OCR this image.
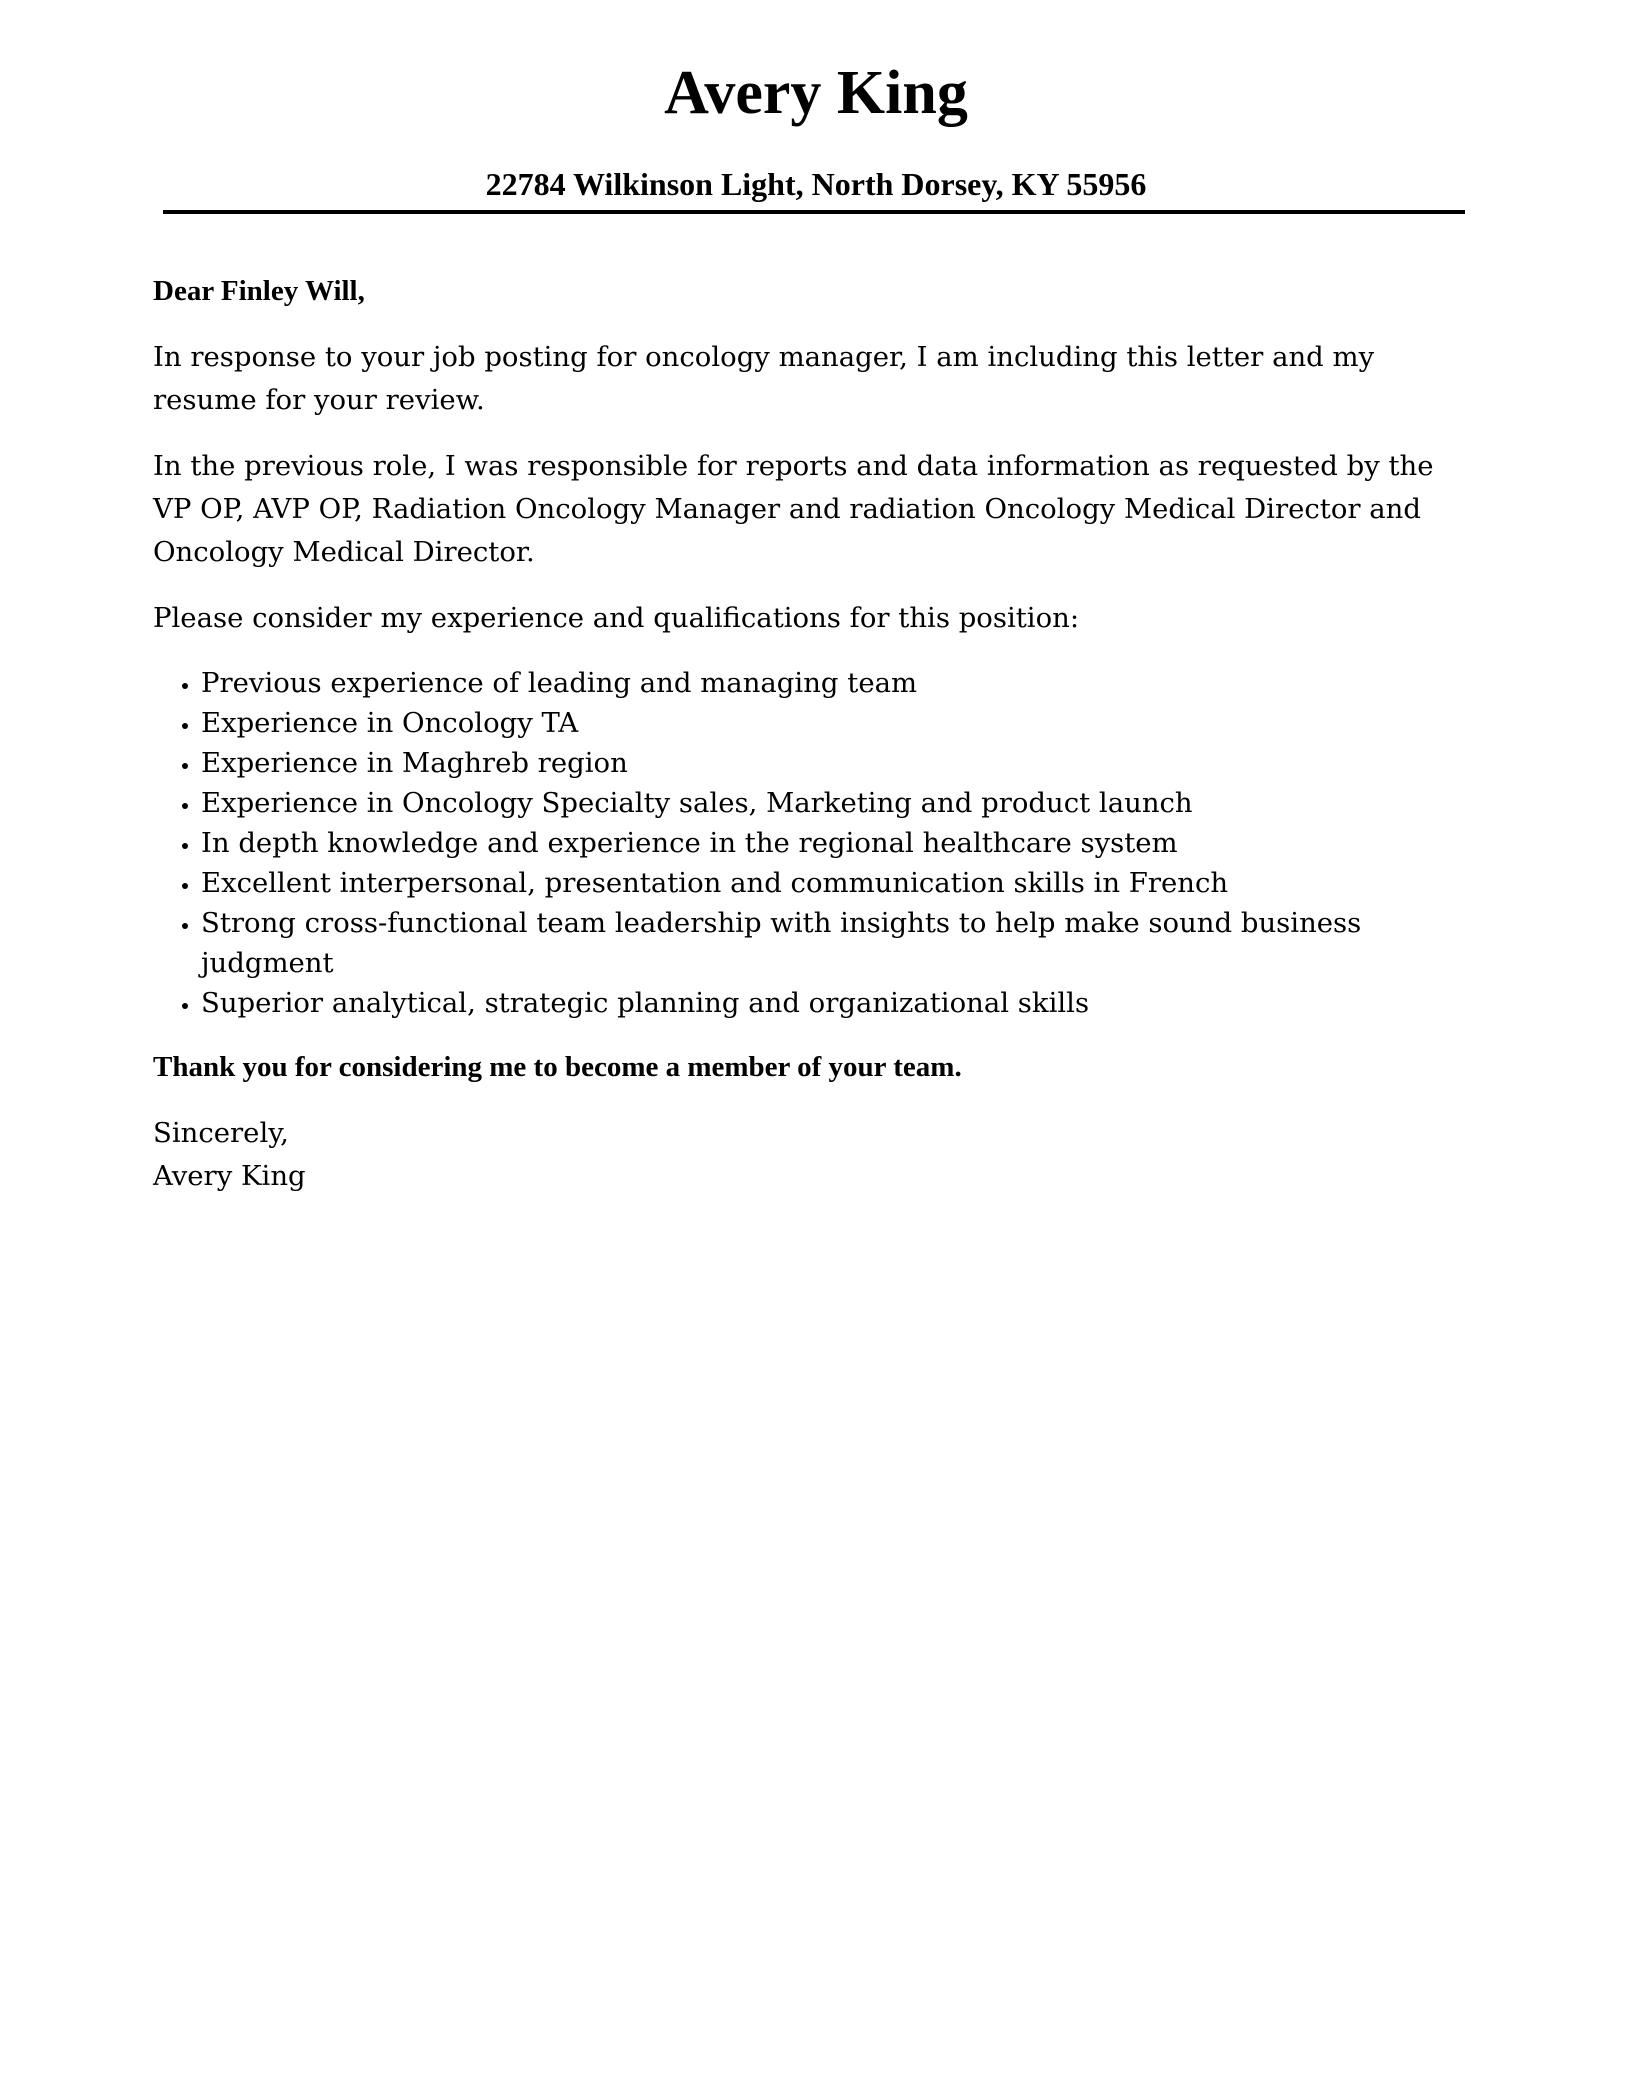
Avery King
22784 Wilkinson Light, North Dorsey, KY 55956

Dear Finley Will,

In response to your job posting for oncology manager, I am including this letter and my resume for your review.

In the previous role, I was responsible for reports and data information as requested by the VP OP, AVP OP, Radiation Oncology Manager and radiation Oncology Medical Director and Oncology Medical Director.

Please consider my experience and qualifications for this position:

• Previous experience of leading and managing team
• Experience in Oncology TA
• Experience in Maghreb region
• Experience in Oncology Specialty sales, Marketing and product launch
• In depth knowledge and experience in the regional healthcare system
• Excellent interpersonal, presentation and communication skills in French
• Strong cross-functional team leadership with insights to help make sound business judgment
• Superior analytical, strategic planning and organizational skills

Thank you for considering me to become a member of your team.

Sincerely,
Avery King
